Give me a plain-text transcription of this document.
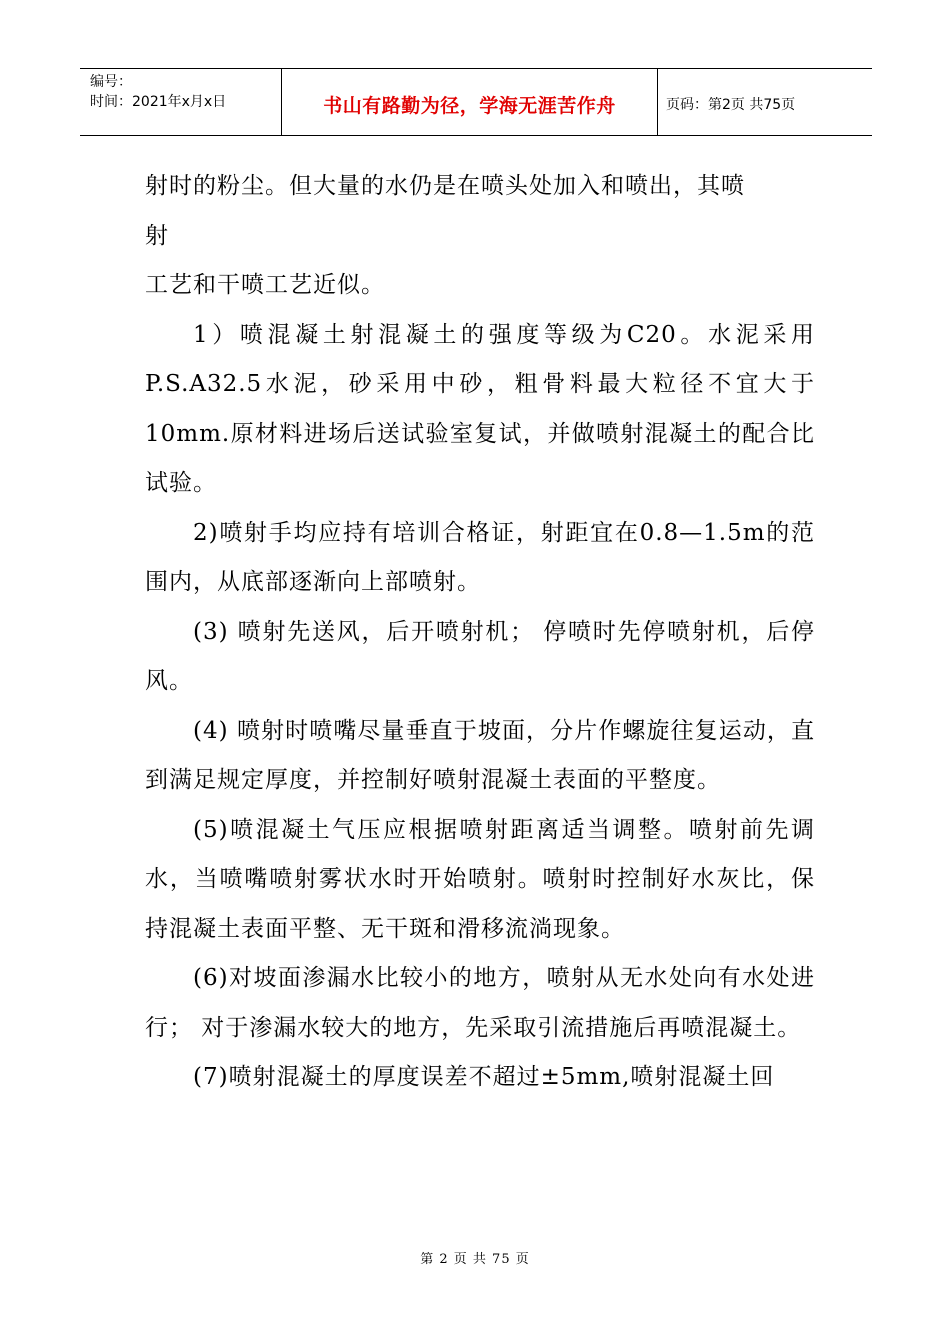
编号：
时间：2021年x月x日	书山有路勤为径，学海无涯苦作舟	页码：第2页 共75页

射时的粉尘。但大量的水仍是在喷头处加入和喷出，其喷

射

工艺和干喷工艺近似。

1）喷混凝土射混凝土的强度等级为C20。水泥采用P.S.A32.5水泥，砂采用中砂，粗骨料最大粒径不宜大于10mm.原材料进场后送试验室复试，并做喷射混凝土的配合比试验。

2)喷射手均应持有培训合格证，射距宜在0.8—1.5m的范围内，从底部逐渐向上部喷射。

(3) 喷射先送风，后开喷射机； 停喷时先停喷射机，后停风。

(4) 喷射时喷嘴尽量垂直于坡面，分片作螺旋往复运动，直到满足规定厚度，并控制好喷射混凝土表面的平整度。

(5)喷混凝土气压应根据喷射距离适当调整。喷射前先调水，当喷嘴喷射雾状水时开始喷射。喷射时控制好水灰比，保持混凝土表面平整、无干斑和滑移流淌现象。

(6)对坡面渗漏水比较小的地方，喷射从无水处向有水处进行； 对于渗漏水较大的地方，先采取引流措施后再喷混凝土。

(7)喷射混凝土的厚度误差不超过±5mm,喷射混凝土回

第 2 页 共 75 页
